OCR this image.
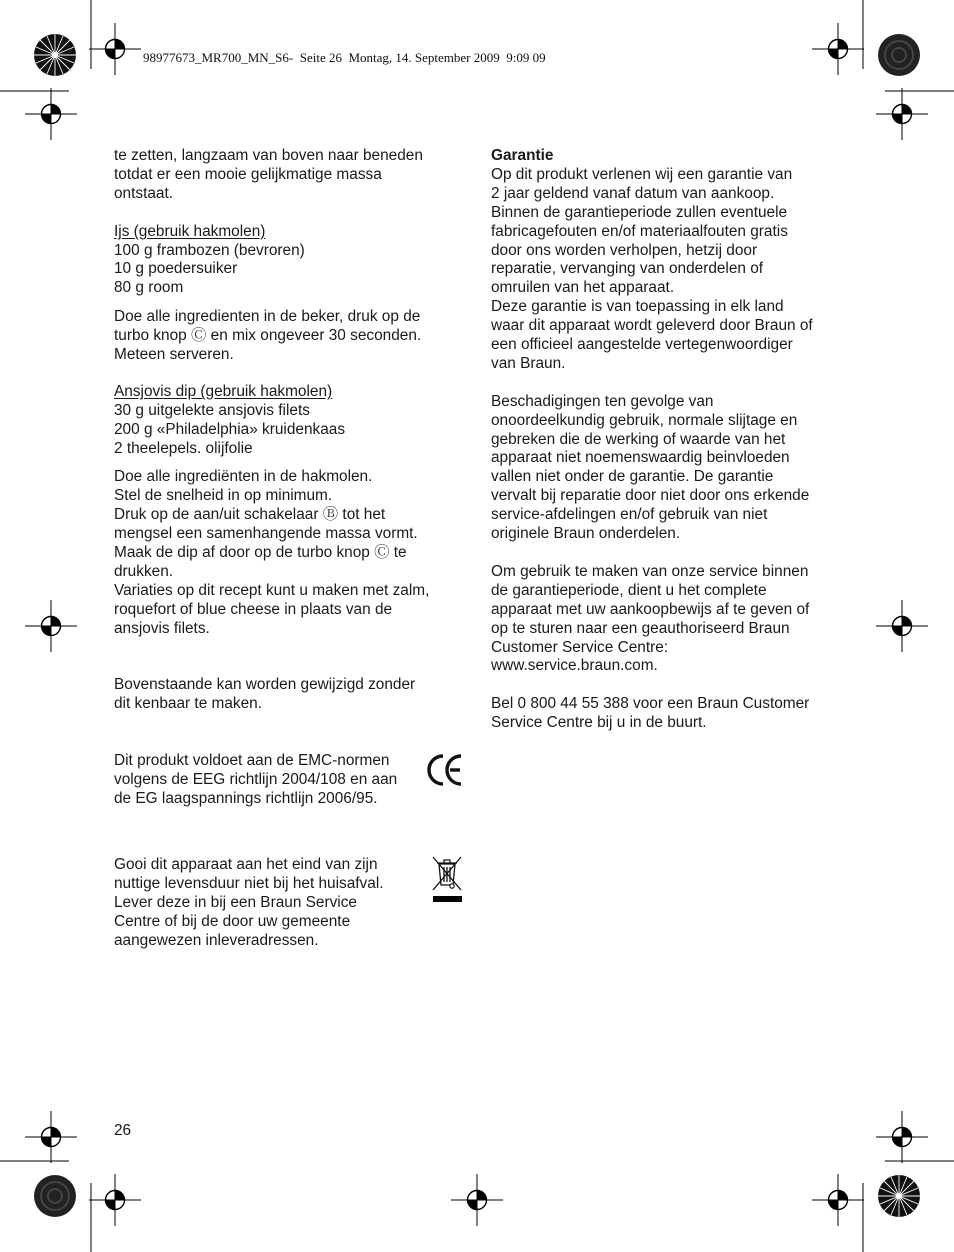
98977673_MR700_MN_S6-  Seite 26  Montag, 14. September 2009  9:09 09
te zetten, langzaam van boven naar beneden
totdat er een mooie gelijkmatige massa
ontstaat.
Ijs (gebruik hakmolen)
100 g frambozen (bevroren)
10 g poedersuiker
80 g room
Doe alle ingredienten in de beker, druk op de
turbo knop Ⓒ en mix ongeveer 30 seconden.
Meteen serveren.
Ansjovis dip (gebruik hakmolen)
30 g uitgelekte ansjovis filets
200 g «Philadelphia» kruidenkaas
2 theelepels. olijfolie
Doe alle ingrediënten in de hakmolen.
Stel de snelheid in op minimum.
Druk op de aan/uit schakelaar Ⓑ tot het
mengsel een samenhangende massa vormt.
Maak de dip af door op de turbo knop Ⓒ te
drukken.
Variaties op dit recept kunt u maken met zalm,
roquefort of blue cheese in plaats van de
ansjovis filets.
Bovenstaande kan worden gewijzigd zonder
dit kenbaar te maken.
Dit produkt voldoet aan de EMC-normen
volgens de EEG richtlijn 2004/108 en aan
de EG laagspannings richtlijn 2006/95.
Gooi dit apparaat aan het eind van zijn
nuttige levensduur niet bij het huisafval.
Lever deze in bij een Braun Service
Centre of bij de door uw gemeente
aangewezen inleveradressen.
Garantie
Op dit produkt verlenen wij een garantie van
2 jaar geldend vanaf datum van aankoop.
Binnen de garantieperiode zullen eventuele
fabricagefouten en/of materiaalfouten gratis
door ons worden verholpen, hetzij door
reparatie, vervanging van onderdelen of
omruilen van het apparaat.
Deze garantie is van toepassing in elk land
waar dit apparaat wordt geleverd door Braun of
een officieel aangestelde vertegenwoordiger
van Braun.
Beschadigingen ten gevolge van
onoordeelkundig gebruik, normale slijtage en
gebreken die de werking of waarde van het
apparaat niet noemenswaardig beinvloeden
vallen niet onder de garantie. De garantie
vervalt bij reparatie door niet door ons erkende
service-afdelingen en/of gebruik van niet
originele Braun onderdelen.
Om gebruik te maken van onze service binnen
de garantieperiode, dient u het complete
apparaat met uw aankoopbewijs af te geven of
op te sturen naar een geauthoriseerd Braun
Customer Service Centre:
www.service.braun.com.
Bel 0 800 44 55 388 voor een Braun Customer
Service Centre bij u in de buurt.
26
